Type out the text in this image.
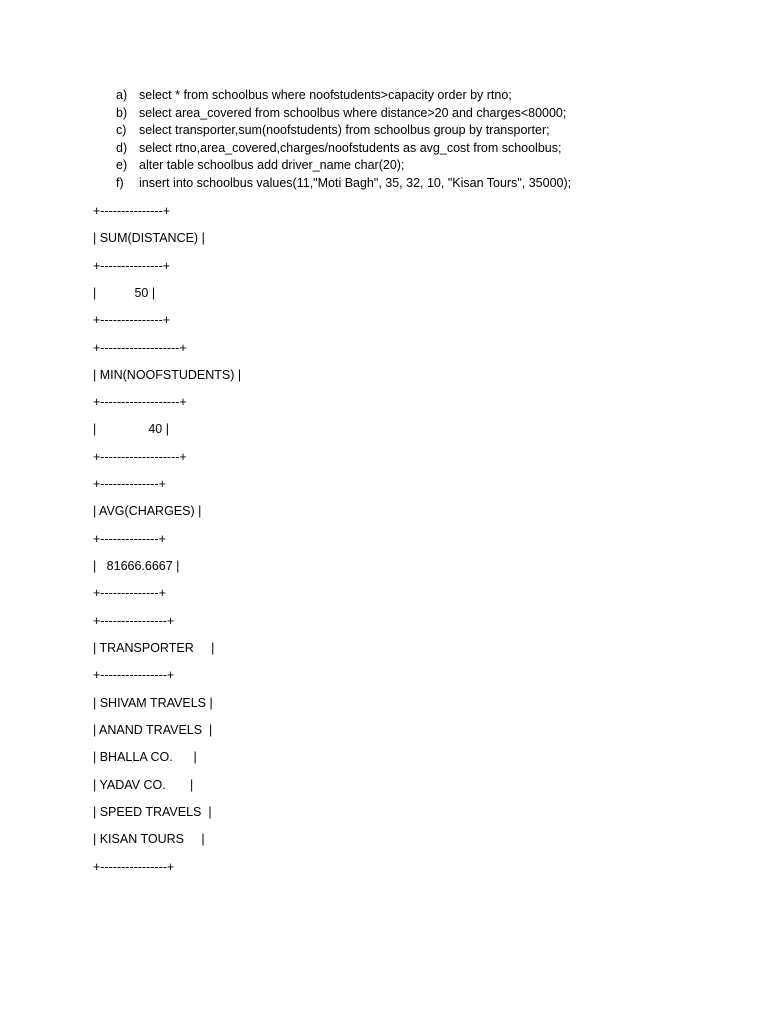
a) select * from schoolbus where noofstudents>capacity order by rtno;
b) select area_covered from schoolbus where distance>20 and charges<80000;
c)	select transporter,sum(noofstudents) from schoolbus group by transporter;
d) select rtno,area_covered,charges/noofstudents as avg_cost from schoolbus;
e) alter table schoolbus add driver_name char(20);
f)	insert into schoolbus values(11,"Moti Bagh", 35, 32, 10, "Kisan Tours", 35000);
+---------------+
| SUM(DISTANCE) |
+---------------+
|           50 |
+---------------+
+-------------------+
| MIN(NOOFSTUDENTS) |
+-------------------+
|               40 |
+-------------------+
+--------------+
| AVG(CHARGES) |
+--------------+
|   81666.6667 |
+--------------+
+----------------+
| TRANSPORTER     |
+----------------+
| SHIVAM TRAVELS |
| ANAND TRAVELS  |
| BHALLA CO.      |
| YADAV CO.       |
| SPEED TRAVELS  |
| KISAN TOURS     |
+----------------+
